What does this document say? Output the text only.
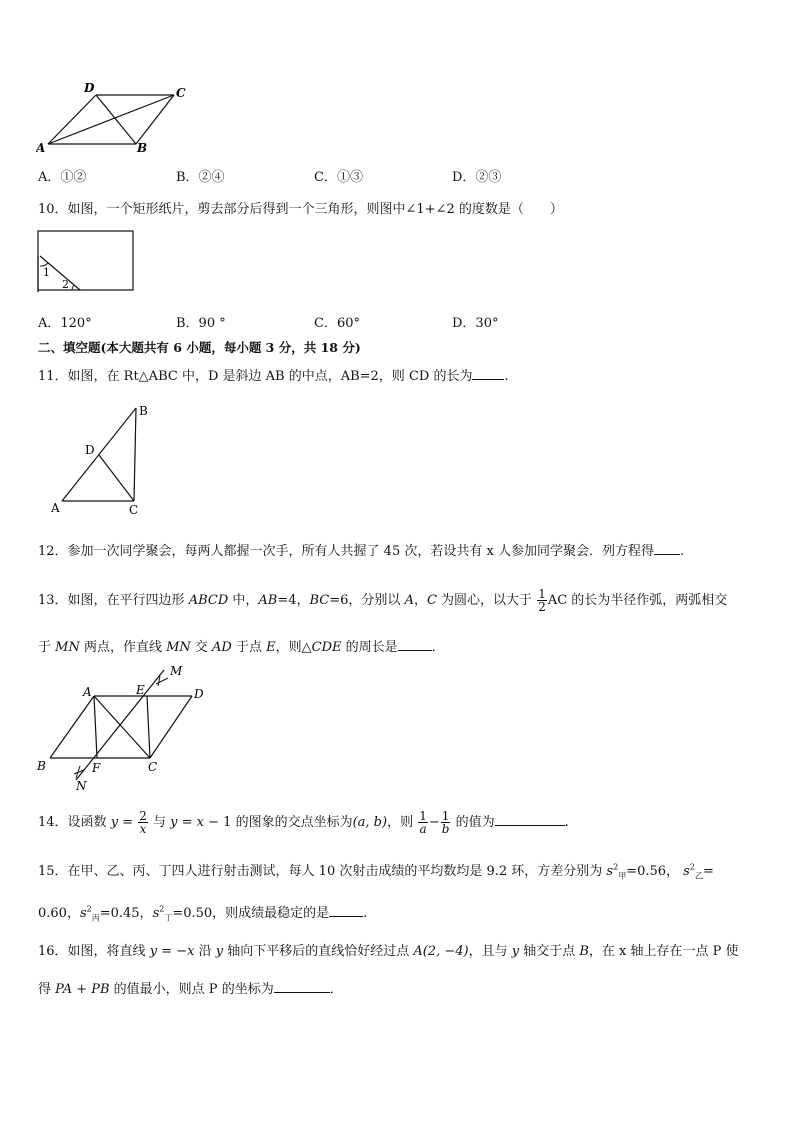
D	C
A	B
A．①②	B．②④	C．①③	D．②③
10．如图，一个矩形纸片，剪去部分后得到一个三角形，则图中∠1+∠2 的度数是（　　）
1
2
A．120°	B．90 °	C．60°	D．30°
二、填空题(本大题共有 6 小题，每小题 3 分，共 18 分)
11．如图，在 Rt△ABC 中，D 是斜边 AB 的中点，AB=2，则 CD 的长为 .
B
D
A	C
12．参加一次同学聚会，每两人都握一次手，所有人共握了 45 次，若设共有 x 人参加同学聚会．列方程得 .
13．如图，在平行四边形 ABCD 中，AB=4，BC=6，分别以 A，C 为圆心，以大于 $\frac{1}{2}$ AC 的长为半径作弧，两弧相交
于 MN 两点，作直线 MN 交 AD 于点 E，则△CDE 的周长是	．
A	E
M
D
B	F	C
N
14．设函数 $y = \frac{2}{x}$ 与 y = x − 1 的图象的交点坐标为(a, b)，则 $\frac{1}{a} - \frac{1}{b}$ 的值为	.
15．在甲、乙、丙、丁四人进行射击测试，每人 10 次射击成绩的平均数均是 9.2 环，方差分别为 $s^2_甲=0.56$， $s^2_乙=$
0.60，$s^2_丙=0.45$，$s^2_丁=0.50$，则成绩最稳定的是	.
16．如图，将直线 y = −x 沿 y 轴向下平移后的直线恰好经过点 A(2, −4)，且与 y 轴交于点 B，在 x 轴上存在一点 P 使
得 PA + PB 的值最小，则点 P 的坐标为	．
